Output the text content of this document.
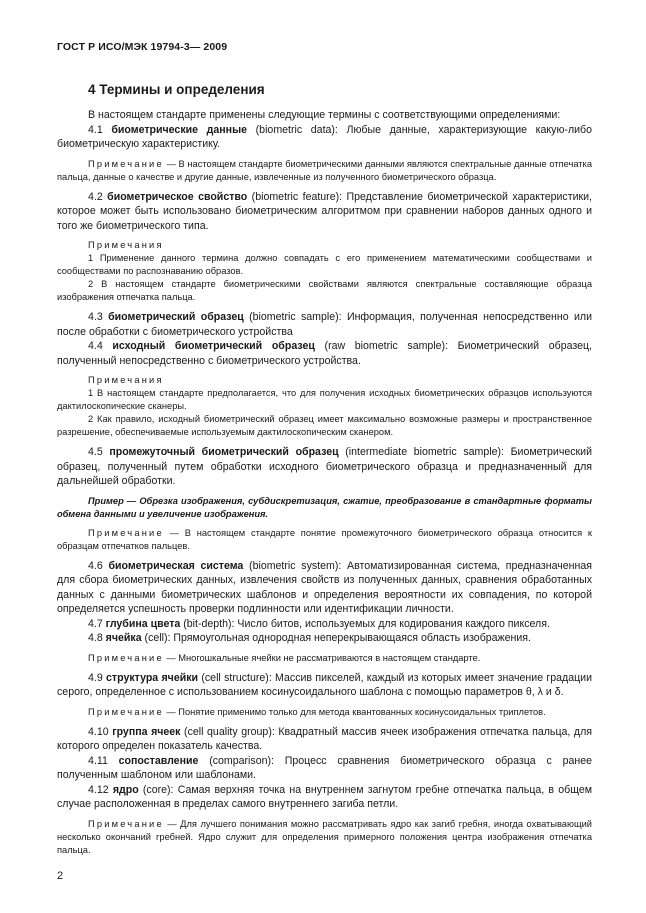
ГОСТ Р ИСО/МЭК 19794-3— 2009
4 Термины и определения

В настоящем стандарте применены следующие термины с соответствующими определениями:

4.1 биометрические данные (biometric data): Любые данные, характеризующие какую-либо биометрическую характеристику.

Примечание — В настоящем стандарте биометрическими данными являются спектральные данные отпечатка пальца, данные о качестве и другие данные, извлеченные из полученного биометрического образца.

4.2 биометрическое свойство (biometric feature): Представление биометрической характеристики, которое может быть использовано биометрическим алгоритмом при сравнении наборов данных одного и того же биометрического типа.

Примечания

1 Применение данного термина должно совпадать с его применением математическими сообществами и сообществами по распознаванию образов.

2 В настоящем стандарте биометрическими свойствами являются спектральные составляющие образца изображения отпечатка пальца.

4.3 биометрический образец (biometric sample): Информация, полученная непосредственно или после обработки с биометрического устройства

4.4 исходный биометрический образец (raw biometric sample): Биометрический образец, полученный непосредственно с биометрического устройства.

Примечания

1 В настоящем стандарте предполагается, что для получения исходных биометрических образцов используются дактилоскопические сканеры.

2 Как правило, исходный биометрический образец имеет максимально возможные размеры и пространственное разрешение, обеспечиваемые используемым дактилоскопическим сканером.

4.5 промежуточный биометрический образец (intermediate biometric sample): Биометрический образец, полученный путем обработки исходного биометрического образца и предназначенный для дальнейшей обработки.

Пример — Обрезка изображения, субдискретизация, сжатие, преобразование в стандартные форматы обмена данными и увеличение изображения.

Примечание — В настоящем стандарте понятие промежуточного биометрического образца относится к образцам отпечатков пальцев.

4.6 биометрическая система (biometric system): Автоматизированная система, предназначенная для сбора биометрических данных, извлечения свойств из полученных данных, сравнения обработанных данных с данными биометрических шаблонов и определения вероятности их совпадения, по которой определяется успешность проверки подлинности или идентификации личности.

4.7 глубина цвета (bit-depth): Число битов, используемых для кодирования каждого пикселя.

4.8 ячейка (cell): Прямоугольная однородная неперекрывающаяся область изображения.

Примечание — Многошкальные ячейки не рассматриваются в настоящем стандарте.

4.9 структура ячейки (cell structure): Массив пикселей, каждый из которых имеет значение градации серого, определенное с использованием косинусоидального шаблона с помощью параметров θ, λ и δ.

Примечание — Понятие применимо только для метода квантованных косинусоидальных триплетов.

4.10 группа ячеек (cell quality group): Квадратный массив ячеек изображения отпечатка пальца, для которого определен показатель качества.

4.11 сопоставление (comparison): Процесс сравнения биометрического образца с ранее полученным шаблоном или шаблонами.

4.12 ядро (core): Самая верхняя точка на внутреннем загнутом гребне отпечатка пальца, в общем случае расположенная в пределах самого внутреннего загиба петли.

Примечание — Для лучшего понимания можно рассматривать ядро как загиб гребня, иногда охватывающий несколько окончаний гребней. Ядро служит для определения примерного положения центра изображения отпечатка пальца.

2
